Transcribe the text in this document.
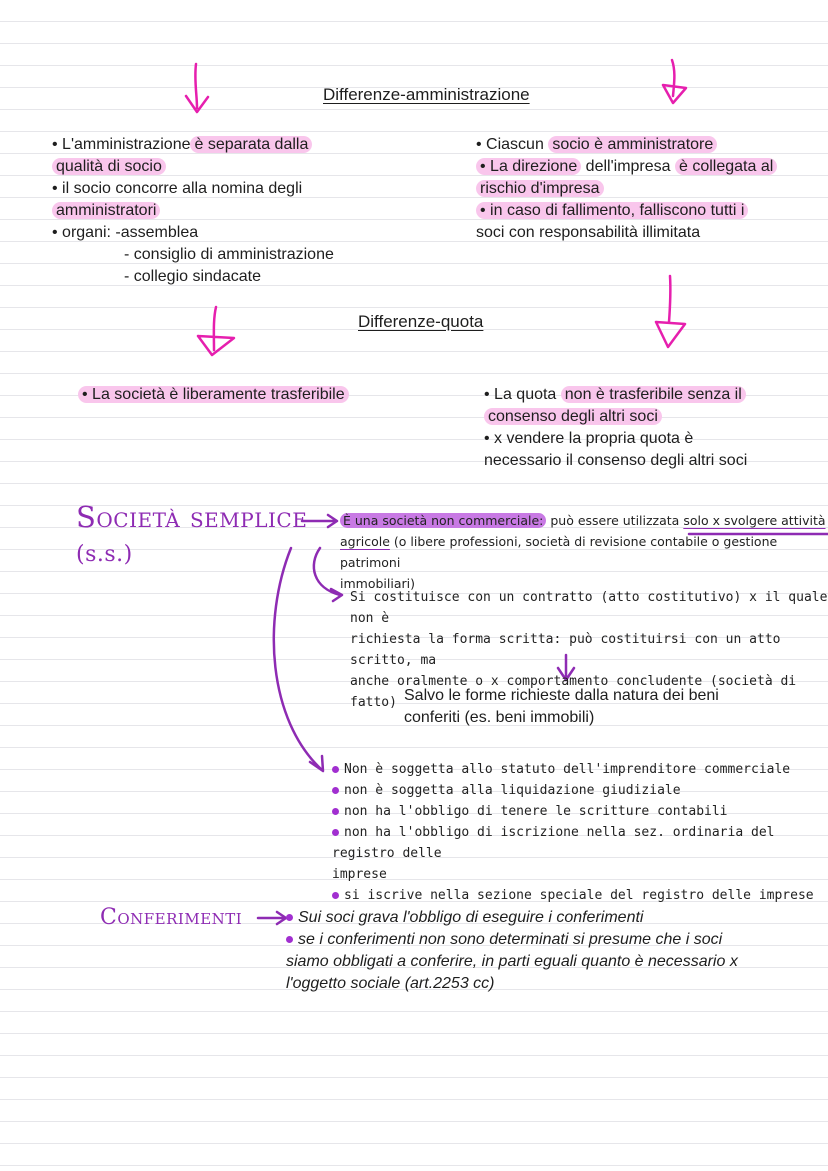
Differenze-amministrazione
• L'amministrazione è separata dalla
qualità di socio
• il socio concorre alla nomina degli
amministratori
• organi: -assemblea
- consiglio di amministrazione
- collegio sindacate
• Ciascun socio è amministratore
• La direzione dell'impresa è collegata al
rischio d'impresa
• in caso di fallimento, falliscono tutti i
soci con responsabilità illimitata
Differenze-quota
• La società è liberamente trasferibile	• La quota non è trasferibile senza il
consenso degli altri soci
• x vendere la propria quota è
necessario il consenso degli altri soci
Società semplice
(s.s.)
È una società non commerciale: può essere utilizzata solo x svolgere attività
agricole (o libere professioni, società di revisione contabile o gestione patrimoni
immobiliari)
Si costituisce con un contratto (atto costitutivo) x il quale non è
richiesta la forma scritta: può costituirsi con un atto scritto, ma
anche oralmente o x comportamento concludente (società di fatto) Salvo le forme richieste dalla natura dei beni
conferiti (es. beni immobili)
Non è soggetta allo statuto dell'imprenditore commerciale
non è soggetta alla liquidazione giudiziale
non ha l'obbligo di tenere le scritture contabili
non ha l'obbligo di iscrizione nella sez. ordinaria del registro delle
imprese
si iscrive nella sezione speciale del registro delle imprese
Conferimenti	Sui soci grava l'obbligo di eseguire i conferimenti
se i conferimenti non sono determinati si presume che i soci
siamo obbligati a conferire, in parti eguali quanto è necessario x
l'oggetto sociale (art.2253 cc)
